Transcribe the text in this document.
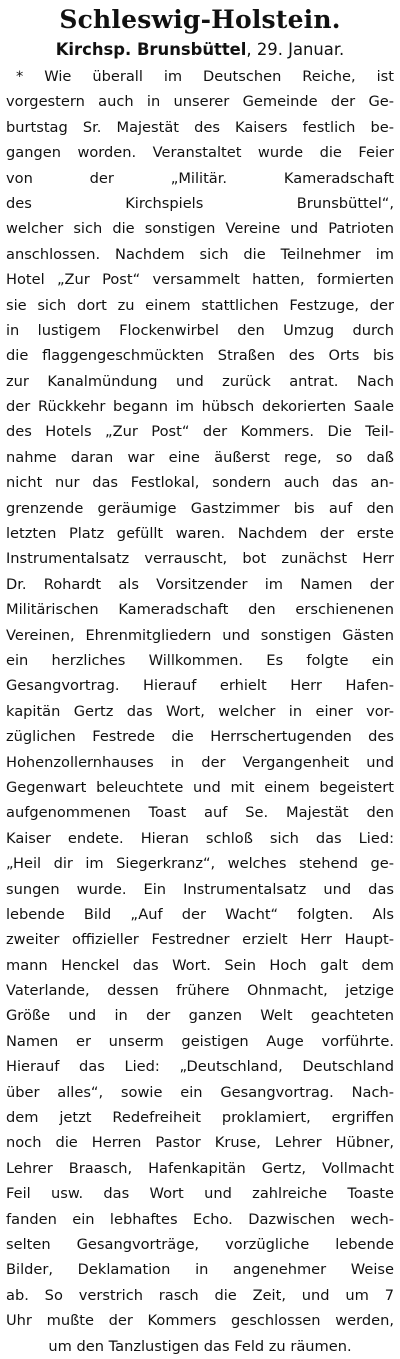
Schleswig-Holstein.
Kirchsp. Brunsbüttel, 29. Januar.
* Wie überall im Deutschen Reiche, ist
vorgestern auch in unserer Gemeinde der Ge-
burtstag Sr. Majestät des Kaisers festlich be-
gangen worden. Veranstaltet wurde die Feier
von der „Militär. Kameradschaft
des Kirchspiels Brunsbüttel“,
welcher sich die sonstigen Vereine und Patrioten
anschlossen. Nachdem sich die Teilnehmer im
Hotel „Zur Post“ versammelt hatten, formierten
sie sich dort zu einem stattlichen Festzuge, der
in lustigem Flockenwirbel den Umzug durch
die flaggengeschmückten Straßen des Orts bis
zur Kanalmündung und zurück antrat. Nach
der Rückkehr begann im hübsch dekorierten Saale
des Hotels „Zur Post“ der Kommers. Die Teil-
nahme daran war eine äußerst rege, so daß
nicht nur das Festlokal, sondern auch das an-
grenzende geräumige Gastzimmer bis auf den
letzten Platz gefüllt waren. Nachdem der erste
Instrumentalsatz verrauscht, bot zunächst Herr
Dr. Rohardt als Vorsitzender im Namen der
Militärischen Kameradschaft den erschienenen
Vereinen, Ehrenmitgliedern und sonstigen Gästen
ein herzliches Willkommen. Es folgte ein
Gesangvortrag. Hierauf erhielt Herr Hafen-
kapitän Gertz das Wort, welcher in einer vor-
züglichen Festrede die Herrschertugenden des
Hohenzollernhauses in der Vergangenheit und
Gegenwart beleuchtete und mit einem begeistert
aufgenommenen Toast auf Se. Majestät den
Kaiser endete. Hieran schloß sich das Lied:
„Heil dir im Siegerkranz“, welches stehend ge-
sungen wurde. Ein Instrumentalsatz und das
lebende Bild „Auf der Wacht“ folgten. Als
zweiter offizieller Festredner erzielt Herr Haupt-
mann Henckel das Wort. Sein Hoch galt dem
Vaterlande, dessen frühere Ohnmacht, jetzige
Größe und in der ganzen Welt geachteten
Namen er unserm geistigen Auge vorführte.
Hierauf das Lied: „Deutschland, Deutschland
über alles“, sowie ein Gesangvortrag. Nach-
dem jetzt Redefreiheit proklamiert, ergriffen
noch die Herren Pastor Kruse, Lehrer Hübner,
Lehrer Braasch, Hafenkapitän Gertz, Vollmacht
Feil usw. das Wort und zahlreiche Toaste
fanden ein lebhaftes Echo. Dazwischen wech-
selten Gesangvorträge, vorzügliche lebende
Bilder, Deklamation in angenehmer Weise
ab. So verstrich rasch die Zeit, und um 7
Uhr mußte der Kommers geschlossen werden,
um den Tanzlustigen das Feld zu räumen.
